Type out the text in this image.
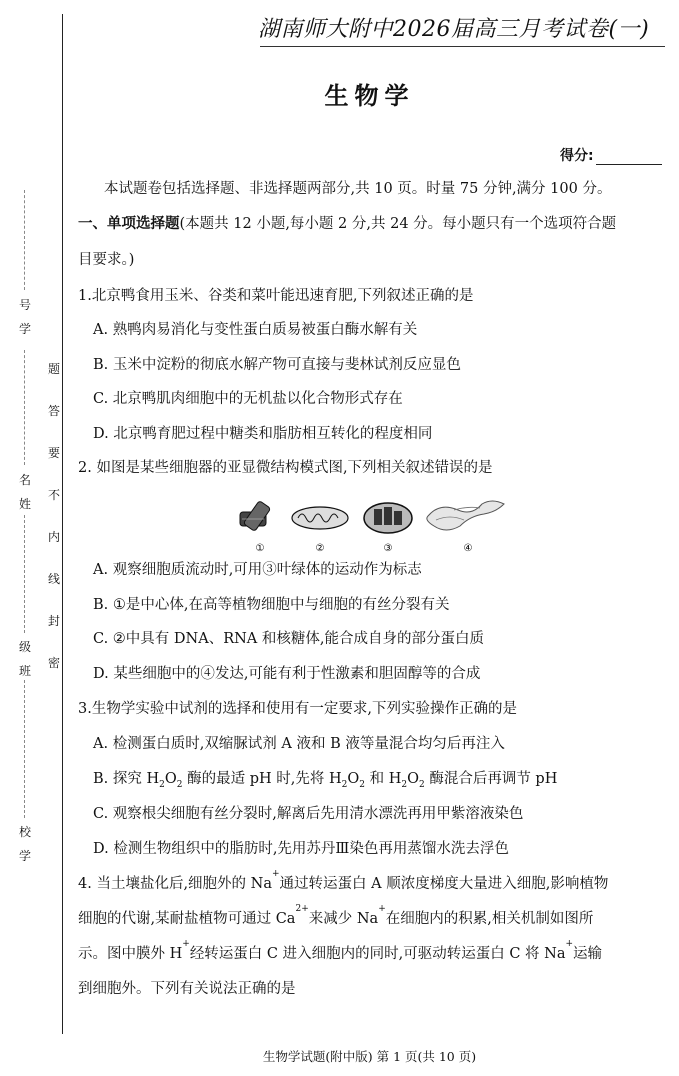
号
学
名
姓
级
班
校
学
题
答
要
不
内
线
封
密
湖南师大附中2026届高三月考试卷(一)
生物学
得分:
本试题卷包括选择题、非选择题两部分,共 10 页。时量 75 分钟,满分 100 分。
一、单项选择题(本题共 12 小题,每小题 2 分,共 24 分。每小题只有一个选项符合题
目要求。)
1.北京鸭食用玉米、谷类和菜叶能迅速育肥,下列叙述正确的是
A. 熟鸭肉易消化与变性蛋白质易被蛋白酶水解有关
B. 玉米中淀粉的彻底水解产物可直接与斐林试剂反应显色
C. 北京鸭肌肉细胞中的无机盐以化合物形式存在
D. 北京鸭育肥过程中糖类和脂肪相互转化的程度相同
2. 如图是某些细胞器的亚显微结构模式图,下列相关叙述错误的是
①	②	③	④
A. 观察细胞质流动时,可用③叶绿体的运动作为标志
B. ①是中心体,在高等植物细胞中与细胞的有丝分裂有关
C. ②中具有 DNA、RNA 和核糖体,能合成自身的部分蛋白质
D. 某些细胞中的④发达,可能有利于性激素和胆固醇等的合成
3.生物学实验中试剂的选择和使用有一定要求,下列实验操作正确的是
A. 检测蛋白质时,双缩脲试剂 A 液和 B 液等量混合均匀后再注入
B. 探究 $H_2O_2$ 酶的最适 pH 时,先将 $H_2O_2$ 和 $H_2O_2$ 酶混合后再调节 pH
C. 观察根尖细胞有丝分裂时,解离后先用清水漂洗再用甲紫溶液染色
D. 检测生物组织中的脂肪时,先用苏丹Ⅲ染色再用蒸馏水洗去浮色
4. 当土壤盐化后,细胞外的 Na+通过转运蛋白 A 顺浓度梯度大量进入细胞,影响植物
细胞的代谢,某耐盐植物可通过 $Ca^{2+}$来减少 Na+在细胞内的积累,相关机制如图所
示。图中膜外 H+经转运蛋白 C 进入细胞内的同时,可驱动转运蛋白 C 将 Na+运输
到细胞外。下列有关说法正确的是
生物学试题(附中版) 第 1 页(共 10 页)
